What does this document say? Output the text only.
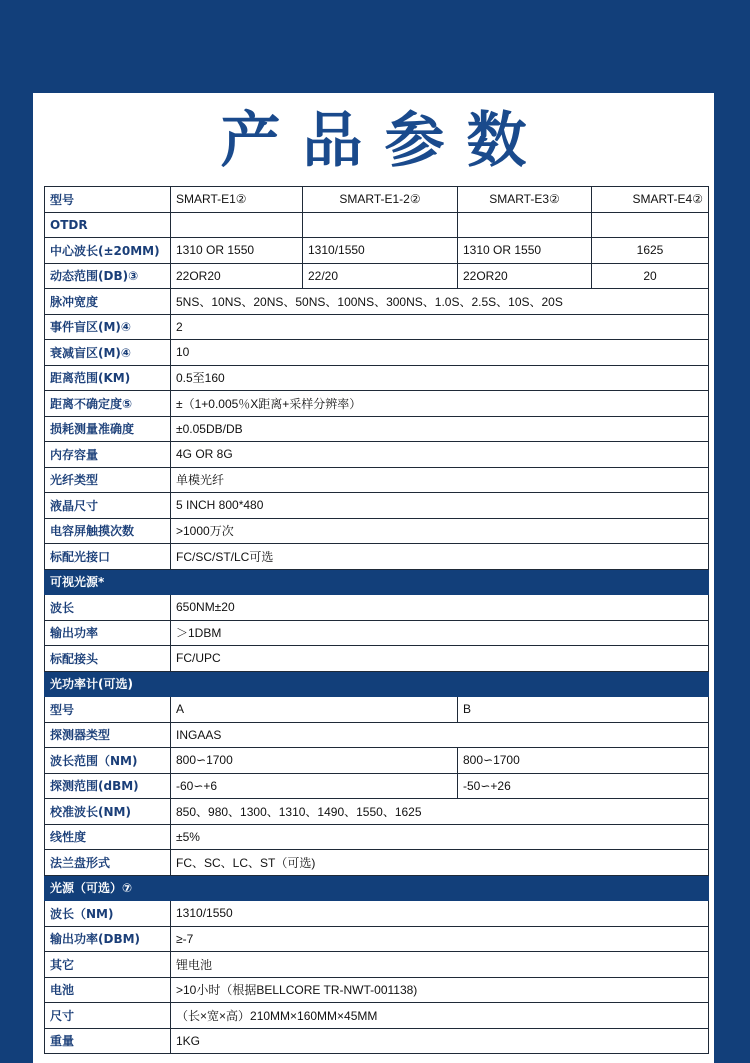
产品参数
型号	SMART-E1②	SMART-E1-2②	SMART-E3②	SMART-E4②
OTDR				
中心波长(±20MM)	1310 OR 1550	1310/1550	1310 OR 1550	1625
动态范围(DB)③	22OR20	22/20	22OR20	20
脉冲宽度	5NS、10NS、20NS、50NS、100NS、300NS、1.0S、2.5S、10S、20S			
事件盲区(M)④	2			
衰减盲区(M)④	10			
距离范围(KM)	0.5至160			
距离不确定度⑤	±（1+0.005％X距离+采样分辨率）			
损耗测量准确度	±0.05DB/DB			
内存容量	4G OR 8G			
光纤类型	单模光纤			
液晶尺寸	5 INCH 800*480			
电容屏触摸次数	>1000万次			
标配光接口	FC/SC/ST/LC可选			
可视光源*				
波长	650NM±20			
输出功率	＞1DBM			
标配接头	FC/UPC			
光功率计(可选)				
型号	A		B	
探测器类型	INGAAS			
波长范围（NM)	800∽1700		800∽1700	
探测范围(dBM)	-60∽+6		-50∽+26	
校准波长(NM)	850、980、1300、1310、1490、1550、1625			
线性度	±5%			
法兰盘形式	FC、SC、LC、ST（可选)			
光源（可选）⑦				
波长（NM)	1310/1550			
输出功率(DBM)	≥-7			
其它	锂电池			
电池	>10小时（根据BELLCORE TR-NWT-001138)			
尺寸	（长×宽×高）210MM×160MM×45MM			
重量	1KG			
